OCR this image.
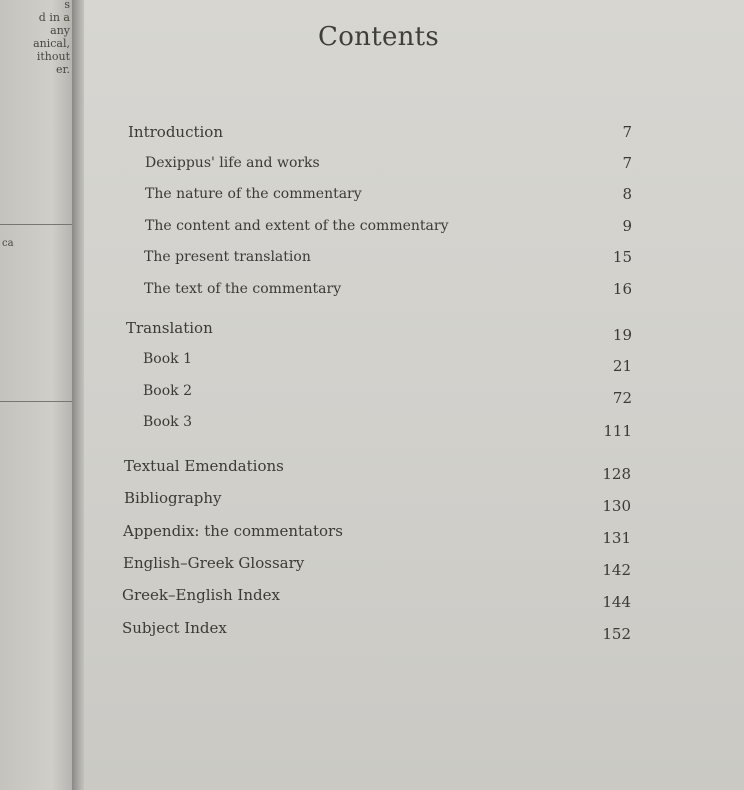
s
d in a
any
anical,
ithout
er.
ca
Contents
Introduction	7
Dexippus' life and works	7
The nature of the commentary	8
The content and extent of the commentary	9
The present translation	15
The text of the commentary	16
Translation	19
Book 1	21
Book 2	72
Book 3	111
Textual Emendations	128
Bibliography	130
Appendix: the commentators	131
English–Greek Glossary	142
Greek–English Index	144
Subject Index	152
